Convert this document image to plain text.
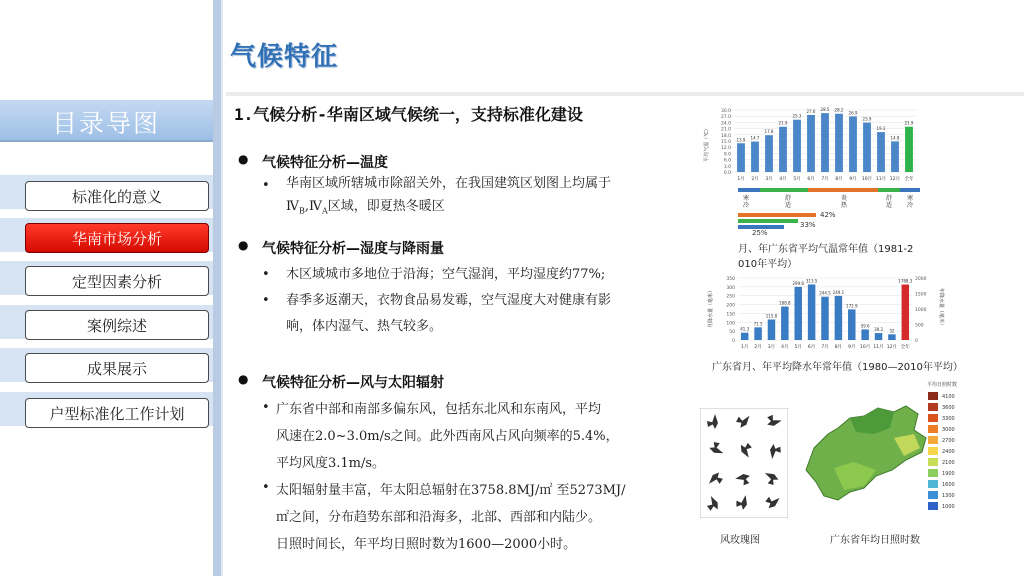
气候特征
目录导图
标准化的意义
华南市场分析
定型因素分析
案例综述
成果展示
户型标准化工作计划
1.气候分析-华南区域气候统一，支持标准化建设
● 气候特征分析—温度
• 华南区域所辖城市除韶关外，在我国建筑区划图上均属于
$Ⅳ_B,Ⅳ_A$区域，即夏热冬暖区
● 气候特征分析—湿度与降雨量
•
•
木区域城市多地位于沿海；空气湿润，平均湿度约77%;
春季多返潮天，衣物食品易发霉，空气湿度大对健康有影
响，体内湿气、热气较多。
● 气候特征分析—风与太阳辐射
•
•
广东省中部和南部多偏东风，包括东北风和东南风，平均
风速在2.0~3.0m/s之间。此外西南风占风向频率的5.4%，
平均风度3.1m/s。
太阳辐射量丰富，年太阳总辐射在3758.8MJ/㎡ 至5273MJ/
㎡之间，分布趋势东部和沿海多，北部、西部和内陆少。
日照时间长，年平均日照时数为1600—2000小时。
平均气温（℃）
0.0
3.0
6.0
9.0
12.0
15.0
18.0
21.0
24.0
27.0
30.0
13.9
1月
14.7
2月
17.8
3月
21.9
4月
25.3
5月
27.6
6月
28.5
7月
28.2
8月
26.9
9月
23.9
10月
19.3
11月
14.8
12月
21.9
全年
寒
冷
舒
适
炎
热
舒
适
寒
冷
42%
33%
25%
月、年广东省平均气温常年值（1981-2
010年平均）
月降水量（毫米）	年降水量（毫米）
0
50
100
150
200
250
300
350
0
500
1000
1500
2000
41.3
1月
71.5
2月
115.8
3月
188.8
4月
299.8
5月
313.5
6月
244.5
7月
249.1
8月
172.9
9月
59.6
10月
39.2
11月
32
12月
1788.3
全年
广东省月、年平均降水年常年值（1980—2010年平均）
风玫瑰图
平均日照时数
4100
3600
3300
3000
2700
2400
2100
1900
1600
1300
1000
广东省年均日照时数
